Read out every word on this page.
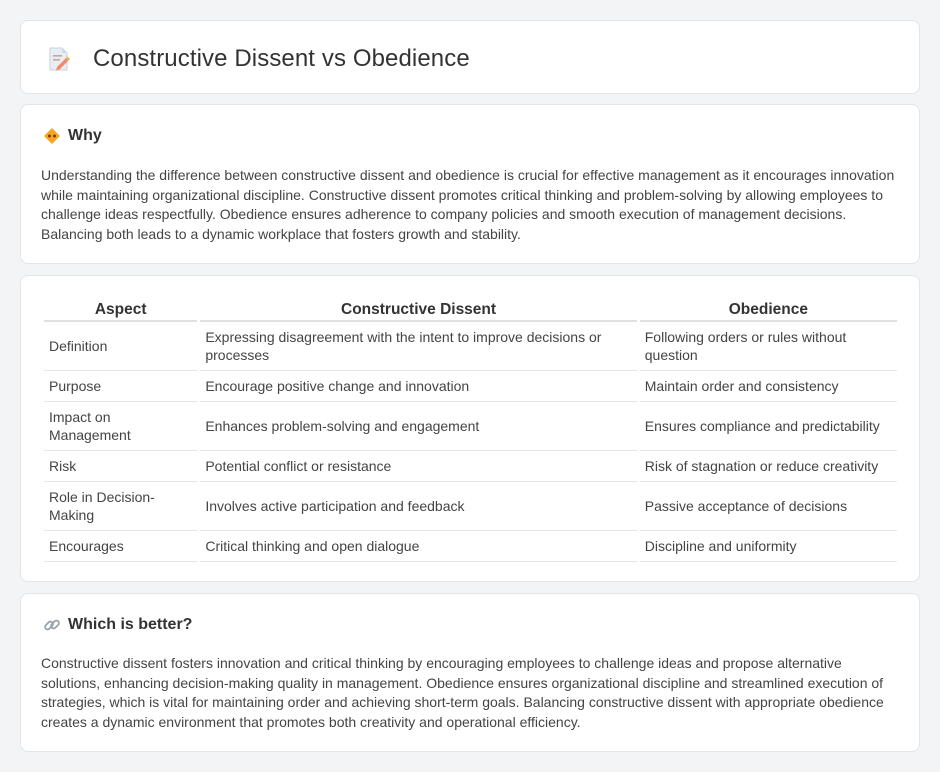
Constructive Dissent vs Obedience
Why

Understanding the difference between constructive dissent and obedience is crucial for effective management as it encourages innovation while maintaining organizational discipline. Constructive dissent promotes critical thinking and problem-solving by allowing employees to challenge ideas respectfully. Obedience ensures adherence to company policies and smooth execution of management decisions. Balancing both leads to a dynamic workplace that fosters growth and stability.

Aspect	Constructive Dissent	Obedience
Definition	Expressing disagreement with the intent to improve decisions or processes	Following orders or rules without question
Purpose	Encourage positive change and innovation	Maintain order and consistency
Impact on Management	Enhances problem-solving and engagement	Ensures compliance and predictability
Risk	Potential conflict or resistance	Risk of stagnation or reduce creativity
Role in Decision-Making	Involves active participation and feedback	Passive acceptance of decisions
Encourages	Critical thinking and open dialogue	Discipline and uniformity
Which is better?

Constructive dissent fosters innovation and critical thinking by encouraging employees to challenge ideas and propose alternative solutions, enhancing decision-making quality in management. Obedience ensures organizational discipline and streamlined execution of strategies, which is vital for maintaining order and achieving short-term goals. Balancing constructive dissent with appropriate obedience creates a dynamic environment that promotes both creativity and operational efficiency.
